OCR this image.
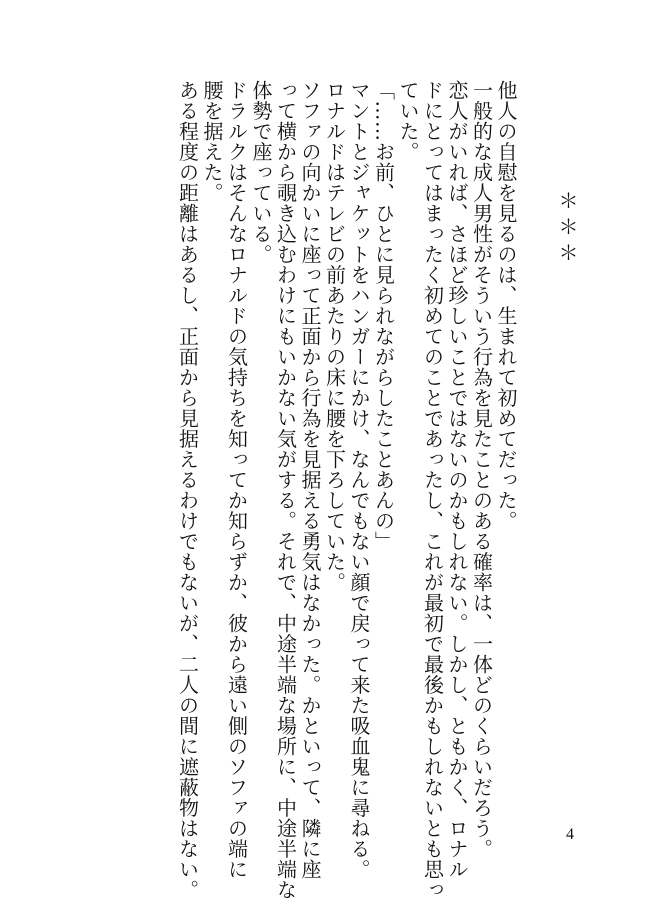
＊＊＊
他人の自慰を見るのは、生まれて初めてだった。
一般的な成人男性がそういう行為を見たことのある確率は、一体どのくらいだろう。
恋人がいれば、さほど珍しいことではないのかもしれない。しかし、ともかく、ロナル
ドにとってはまったく初めてのことであったし、これが最初で最後かもしれないとも思っ
ていた。
「……お前、ひとに見られながらしたことあんの」
マントとジャケットをハンガーにかけ、なんでもない顔で戻って来た吸血鬼に尋ねる。
ロナルドはテレビの前あたりの床に腰を下ろしていた。
ソファの向かいに座って正面から行為を見据える勇気はなかった。かといって、隣に座
って横から覗き込むわけにもいかない気がする。それで、中途半端な場所に、中途半端な
体勢で座っている。
ドラルクはそんなロナルドの気持ちを知ってか知らずか、彼から遠い側のソファの端に
腰を据えた。
ある程度の距離はあるし、正面から見据えるわけでもないが、二人の間に遮蔽物はない。	4
